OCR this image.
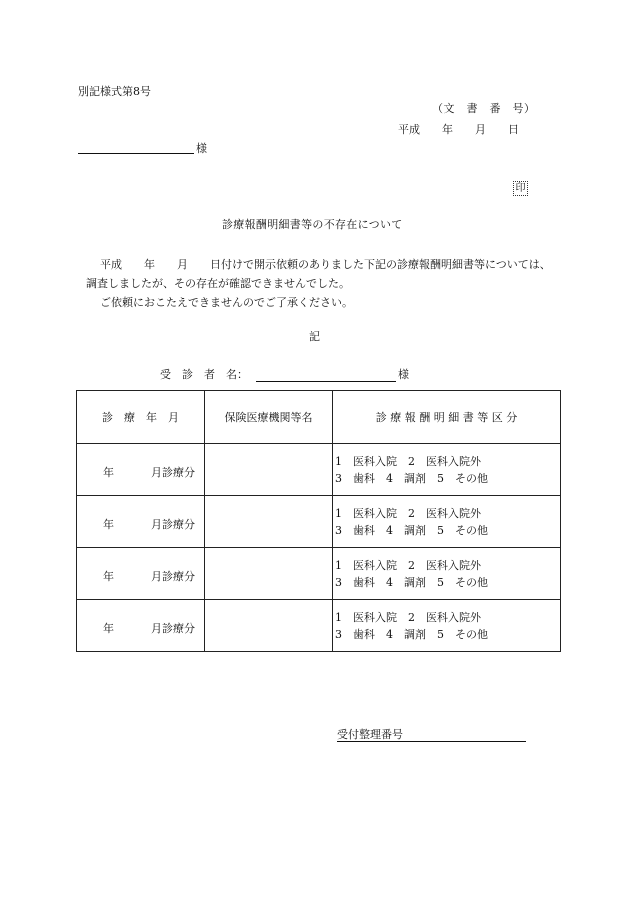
別記様式第8号
（文　書　番　号）
平成　　年　　月　　日
様
印
診療報酬明細書等の不存在について
平成　　年　　月　　日付けで開示依頼のありました下記の診療報酬明細書等については、調査しましたが、その存在が確認できませんでした。
ご依頼におこたえできませんのでご了承ください。
記
受　診　者　名：	様
診　療　年　月	保険医療機関等名	診 療 報 酬 明 細 書 等 区 分

年 月診療分		1　医科入院　2　医科入院外
3　歯科　4　調剤　5　その他

年 月診療分		1　医科入院　2　医科入院外
3　歯科　4　調剤　5　その他

年 月診療分		1　医科入院　2　医科入院外
3　歯科　4　調剤　5　その他

年 月診療分		1　医科入院　2　医科入院外
3　歯科　4　調剤　5　その他
受付整理番号
